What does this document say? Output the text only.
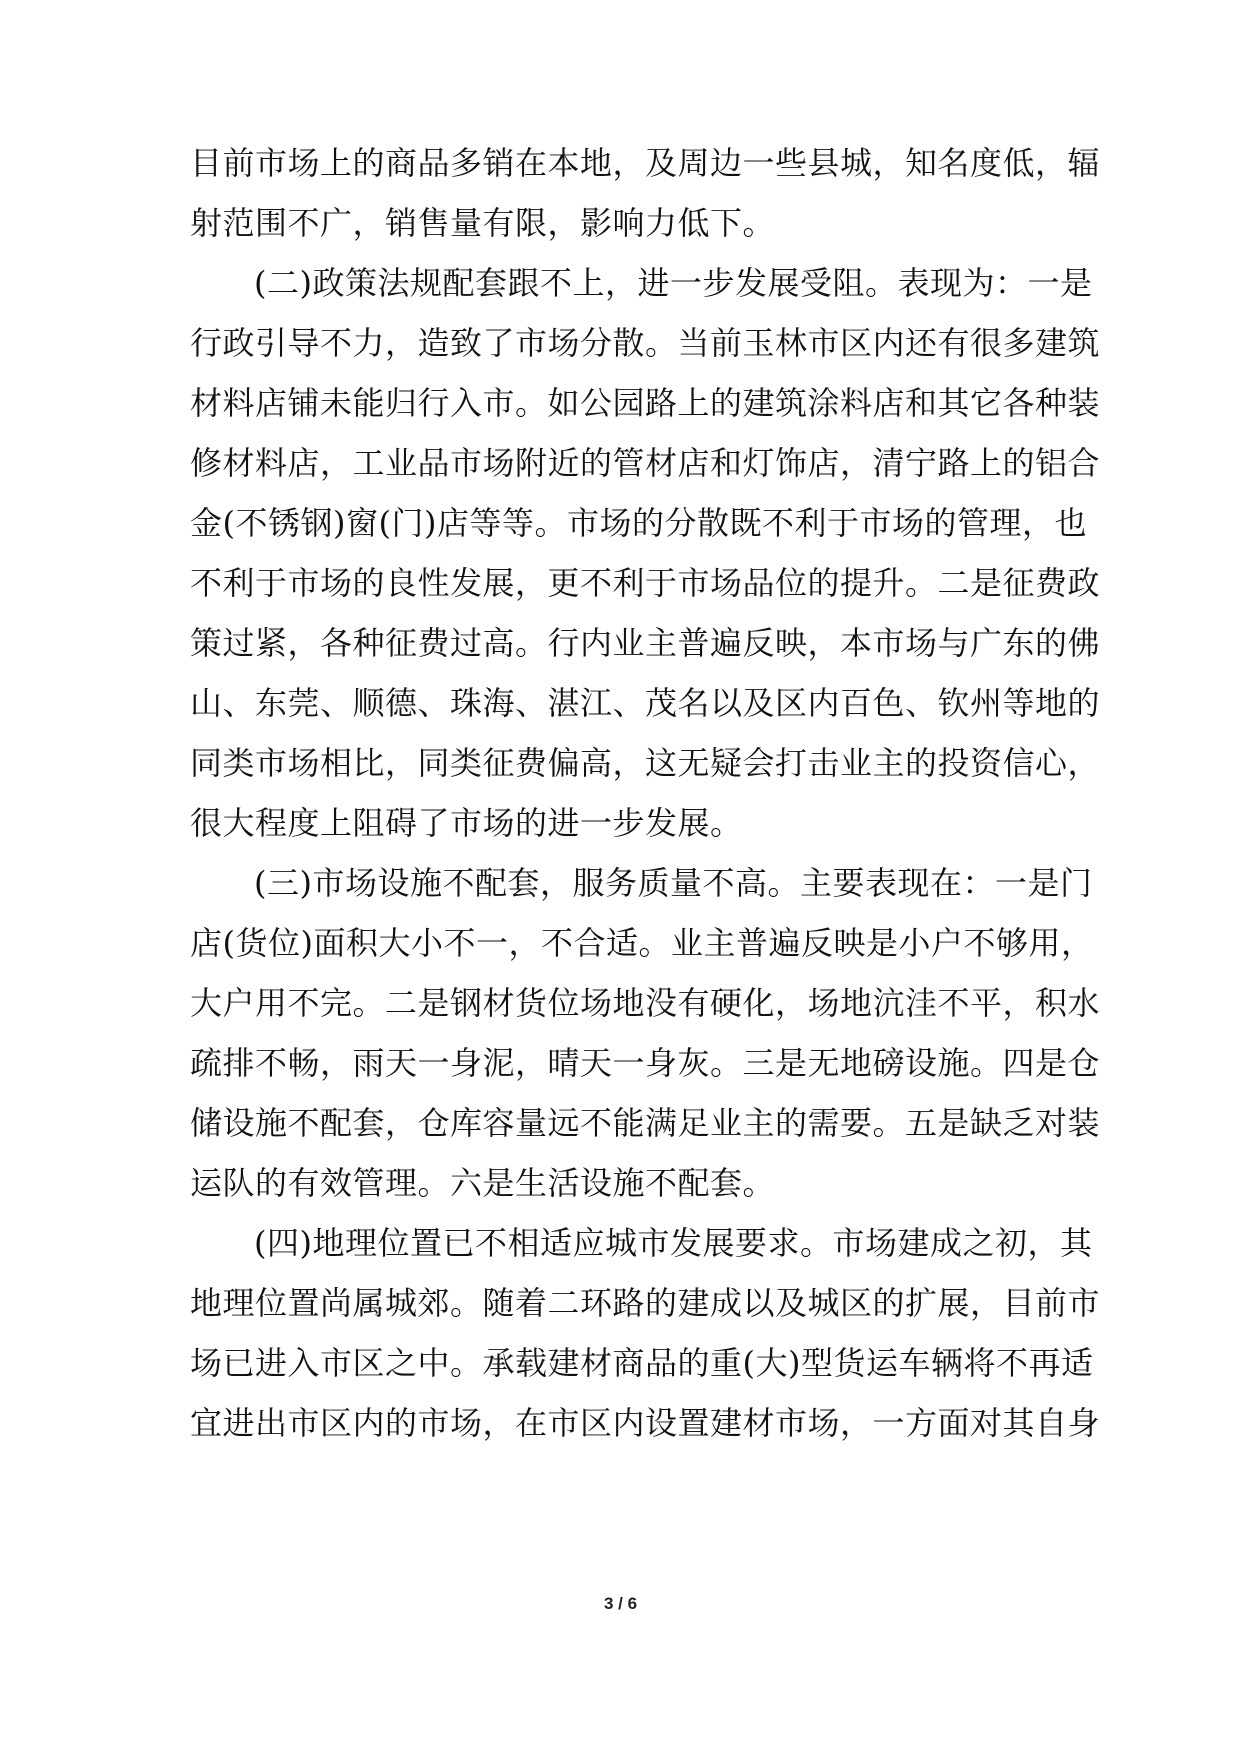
目前市场上的商品多销在本地，及周边一些县城，知名度低，辐
射范围不广，销售量有限，影响力低下。
(二)政策法规配套跟不上，进一步发展受阻。表现为：一是
行政引导不力，造致了市场分散。当前玉林市区内还有很多建筑
材料店铺未能归行入市。如公园路上的建筑涂料店和其它各种装
修材料店，工业品市场附近的管材店和灯饰店，清宁路上的铝合
金(不锈钢)窗(门)店等等。市场的分散既不利于市场的管理，也
不利于市场的良性发展，更不利于市场品位的提升。二是征费政
策过紧，各种征费过高。行内业主普遍反映，本市场与广东的佛
山、东莞、顺德、珠海、湛江、茂名以及区内百色、钦州等地的
同类市场相比，同类征费偏高，这无疑会打击业主的投资信心，
很大程度上阻碍了市场的进一步发展。
(三)市场设施不配套，服务质量不高。主要表现在：一是门
店(货位)面积大小不一，不合适。业主普遍反映是小户不够用，
大户用不完。二是钢材货位场地没有硬化，场地沆洼不平，积水
疏排不畅，雨天一身泥，晴天一身灰。三是无地磅设施。四是仓
储设施不配套，仓库容量远不能满足业主的需要。五是缺乏对装
运队的有效管理。六是生活设施不配套。
(四)地理位置已不相适应城市发展要求。市场建成之初，其
地理位置尚属城郊。随着二环路的建成以及城区的扩展，目前市
场已进入市区之中。承载建材商品的重(大)型货运车辆将不再适
宜进出市区内的市场，在市区内设置建材市场，一方面对其自身
3 / 6
